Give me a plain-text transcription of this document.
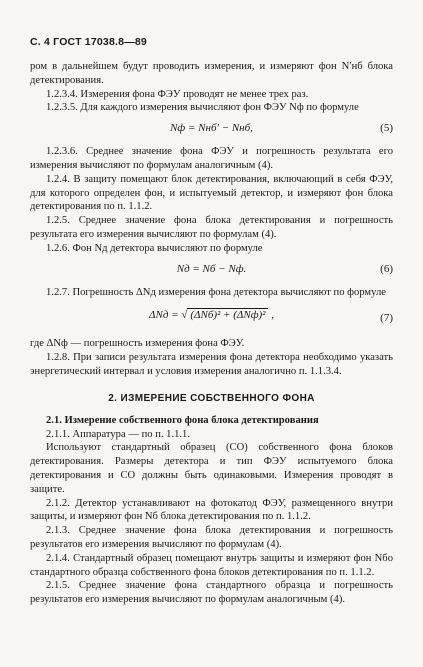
С. 4 ГОСТ 17038.8—89

ром в дальнейшем будут проводить измерения, и измеряют фон N′нб блока детектирования.

1.2.3.4. Измерения фона ФЭУ проводят не менее трех раз.

1.2.3.5. Для каждого измерения вычисляют фон ФЭУ Nф по формуле

Nф = Nнб′ − Nнб,	(5)

1.2.3.6. Среднее значение фона ФЭУ и погрешность результата его измерения вычисляют по формулам аналогичным (4).

1.2.4. В защиту помещают блок детектирования, включающий в себя ФЭУ, для которого определен фон, и испытуемый детектор, и измеряют фон блока детектирования по п. 1.1.2.

1.2.5. Среднее значение фона блока детектирования и погрешность результата его измерения вычисляют по формулам (4).

1.2.6. Фон Nд детектора вычисляют по формуле

Nд = Nб − Nф.	(6)

1.2.7. Погрешность ΔNд измерения фона детектора вычисляют по формуле

ΔNд = √ (ΔNб)² + (ΔNф)² ,	(7)

где ΔNф — погрешность измерения фона ФЭУ.

1.2.8. При записи результата измерения фона детектора необходимо указать энергетический интервал и условия измерения аналогично п. 1.1.3.4.

2. ИЗМЕРЕНИЕ СОБСТВЕННОГО ФОНА
2.1. Измерение собственного фона блока детектирования

2.1.1. Аппаратура — по п. 1.1.1.

Используют стандартный образец (СО) собственного фона блоков детектирования. Размеры детектора и тип ФЭУ испытуемого блока детектирования и СО должны быть одинаковыми. Измерения проводят в защите.

2.1.2. Детектор устанавливают на фотокатод ФЭУ, размещенного внутри защиты, и измеряют фон Nб блока детектирования по п. 1.1.2.

2.1.3. Среднее значение фона блока детектирования и погрешность результатов его измерения вычисляют по формулам (4).

2.1.4. Стандартный образец помещают внутрь защиты и измеряют фон Nбо стандартного образца собственного фона блоков детектирования по п. 1.1.2.

2.1.5. Среднее значение фона стандартного образца и погрешность результатов его измерения вычисляют по формулам аналогичным (4).
